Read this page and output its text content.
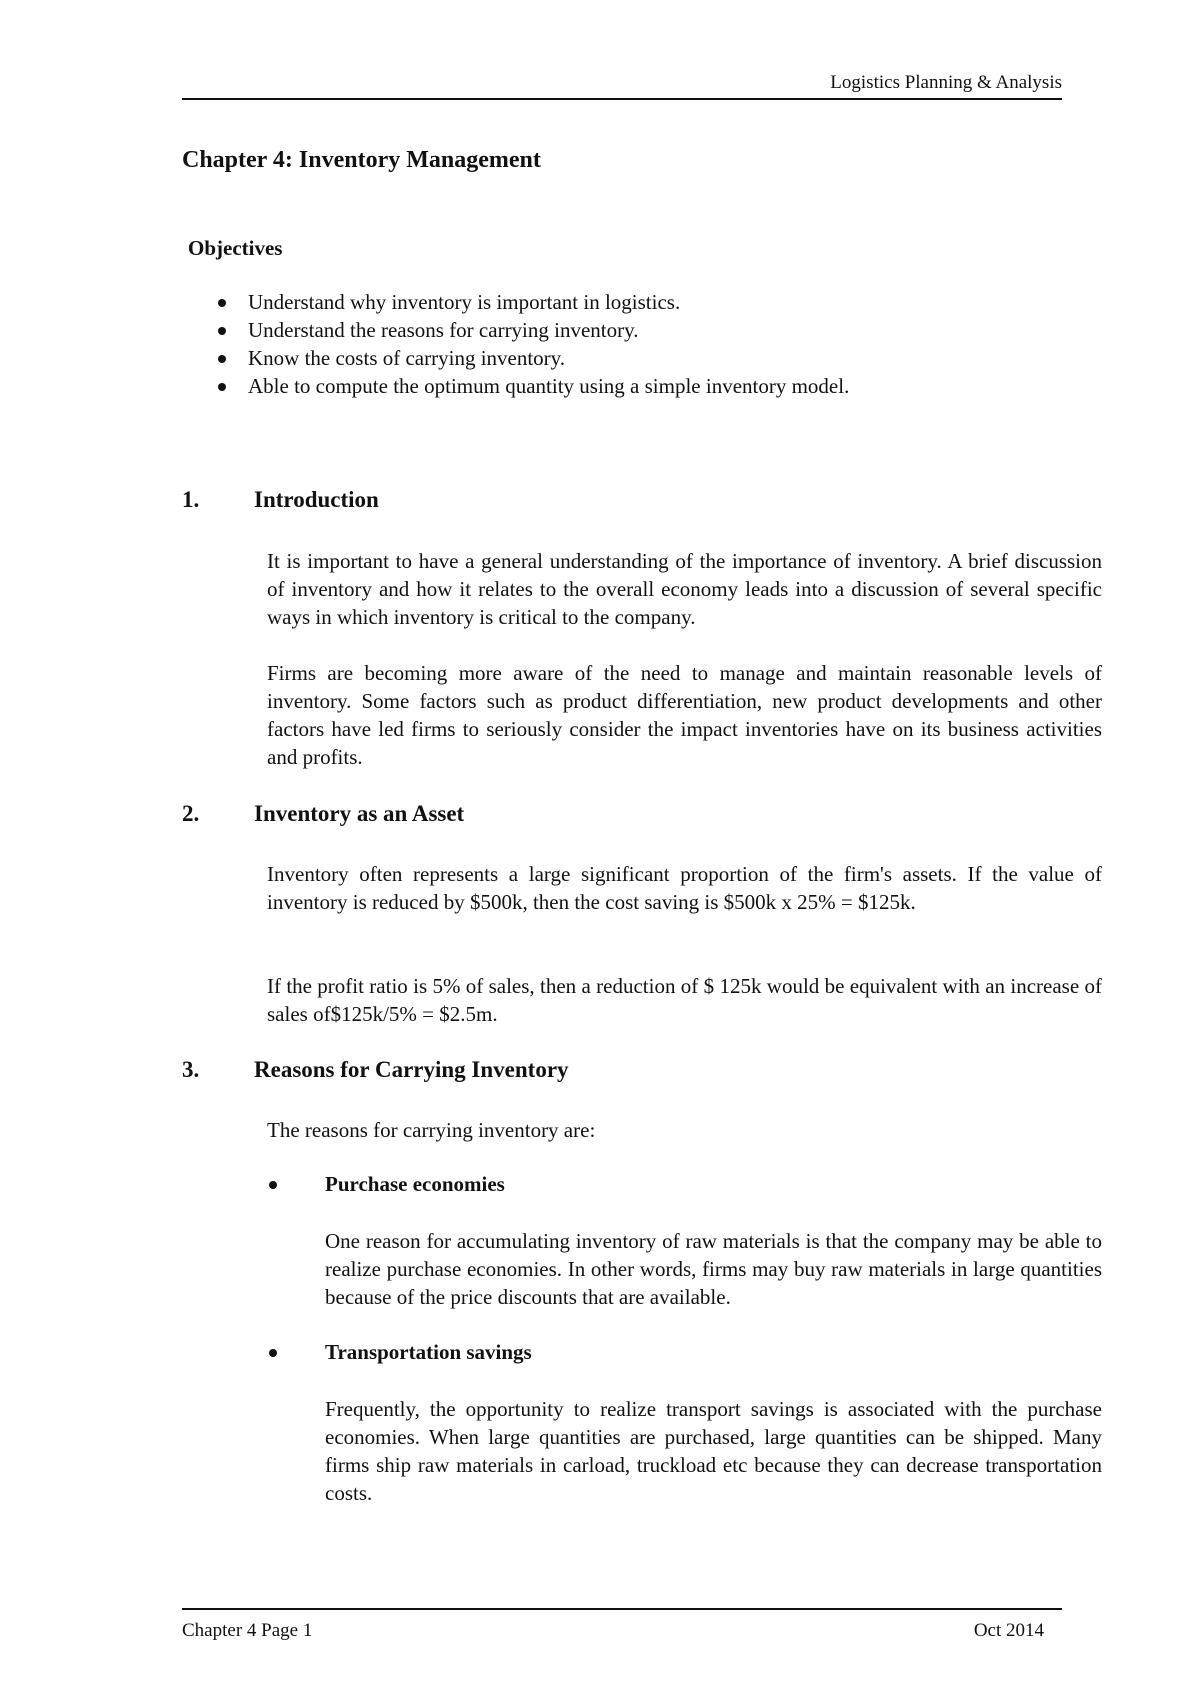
Logistics Planning & Analysis
Chapter 4: Inventory Management
Objectives
Understand why inventory is important in logistics.
Understand the reasons for carrying inventory.
Know the costs of carrying inventory.
Able to compute the optimum quantity using a simple inventory model.
1. Introduction

It is important to have a general understanding of the importance of inventory. A brief discussion of inventory and how it relates to the overall economy leads into a discussion of several specific ways in which inventory is critical to the company.

Firms are becoming more aware of the need to manage and maintain reasonable levels of inventory. Some factors such as product differentiation, new product developments and other factors have led firms to seriously consider the impact inventories have on its business activities and profits.

2. Inventory as an Asset

Inventory often represents a large significant proportion of the firm's assets. If the value of inventory is reduced by $500k, then the cost saving is $500k x 25% = $125k.

If the profit ratio is 5% of sales, then a reduction of $ 125k would be equivalent with an increase of sales of$125k/5% = $2.5m.

3. Reasons for Carrying Inventory

The reasons for carrying inventory are:

Purchase economies

One reason for accumulating inventory of raw materials is that the company may be able to realize purchase economies. In other words, firms may buy raw materials in large quantities because of the price discounts that are available.

Transportation savings

Frequently, the opportunity to realize transport savings is associated with the purchase economies. When large quantities are purchased, large quantities can be shipped. Many firms ship raw materials in carload, truckload etc because they can decrease transportation costs.

Chapter 4 Page 1	Oct 2014
